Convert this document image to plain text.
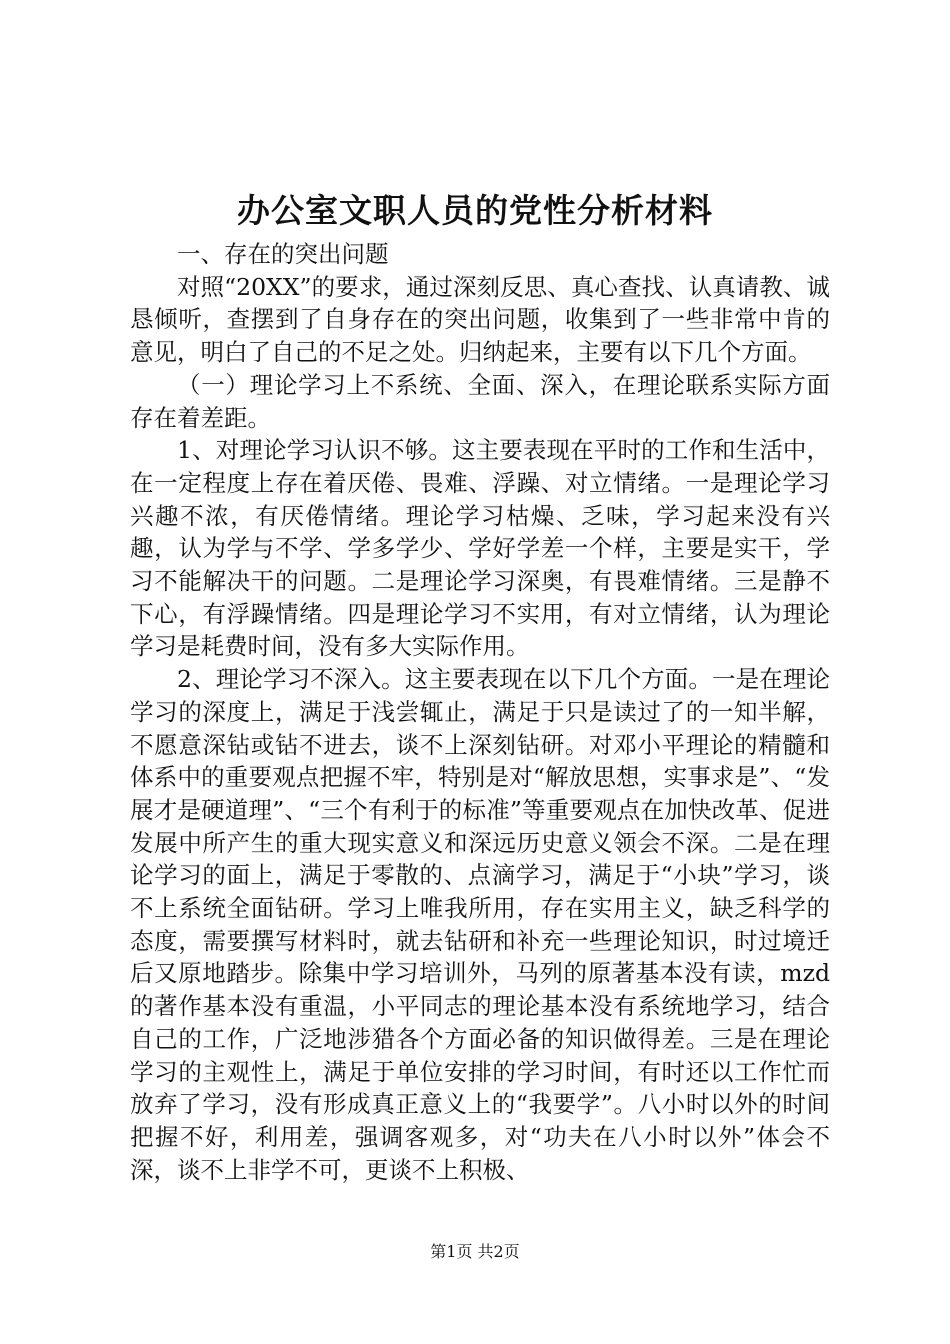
办公室文职人员的党性分析材料

一、存在的突出问题

对照“20XX”的要求，通过深刻反思、真心查找、认真请教、诚恳倾听，查摆到了自身存在的突出问题，收集到了一些非常中肯的意见，明白了自己的不足之处。归纳起来，主要有以下几个方面。

（一）理论学习上不系统、全面、深入，在理论联系实际方面存在着差距。

1、对理论学习认识不够。这主要表现在平时的工作和生活中，在一定程度上存在着厌倦、畏难、浮躁、对立情绪。一是理论学习兴趣不浓，有厌倦情绪。理论学习枯燥、乏味，学习起来没有兴趣，认为学与不学、学多学少、学好学差一个样，主要是实干，学习不能解决干的问题。二是理论学习深奥，有畏难情绪。三是静不下心，有浮躁情绪。四是理论学习不实用，有对立情绪，认为理论学习是耗费时间，没有多大实际作用。

2、理论学习不深入。这主要表现在以下几个方面。一是在理论学习的深度上，满足于浅尝辄止，满足于只是读过了的一知半解，不愿意深钻或钻不进去，谈不上深刻钻研。对邓小平理论的精髓和体系中的重要观点把握不牢，特别是对“解放思想，实事求是”、“发展才是硬道理”、“三个有利于的标准”等重要观点在加快改革、促进发展中所产生的重大现实意义和深远历史意义领会不深。二是在理论学习的面上，满足于零散的、点滴学习，满足于“小块”学习，谈不上系统全面钻研。学习上唯我所用，存在实用主义，缺乏科学的态度，需要撰写材料时，就去钻研和补充一些理论知识，时过境迁后又原地踏步。除集中学习培训外，马列的原著基本没有读，mzd的著作基本没有重温，小平同志的理论基本没有系统地学习，结合自己的工作，广泛地涉猎各个方面必备的知识做得差。三是在理论学习的主观性上，满足于单位安排的学习时间，有时还以工作忙而放弃了学习，没有形成真正意义上的“我要学”。八小时以外的时间把握不好，利用差，强调客观多，对“功夫在八小时以外”体会不深，谈不上非学不可，更谈不上积极、

第1页 共2页
